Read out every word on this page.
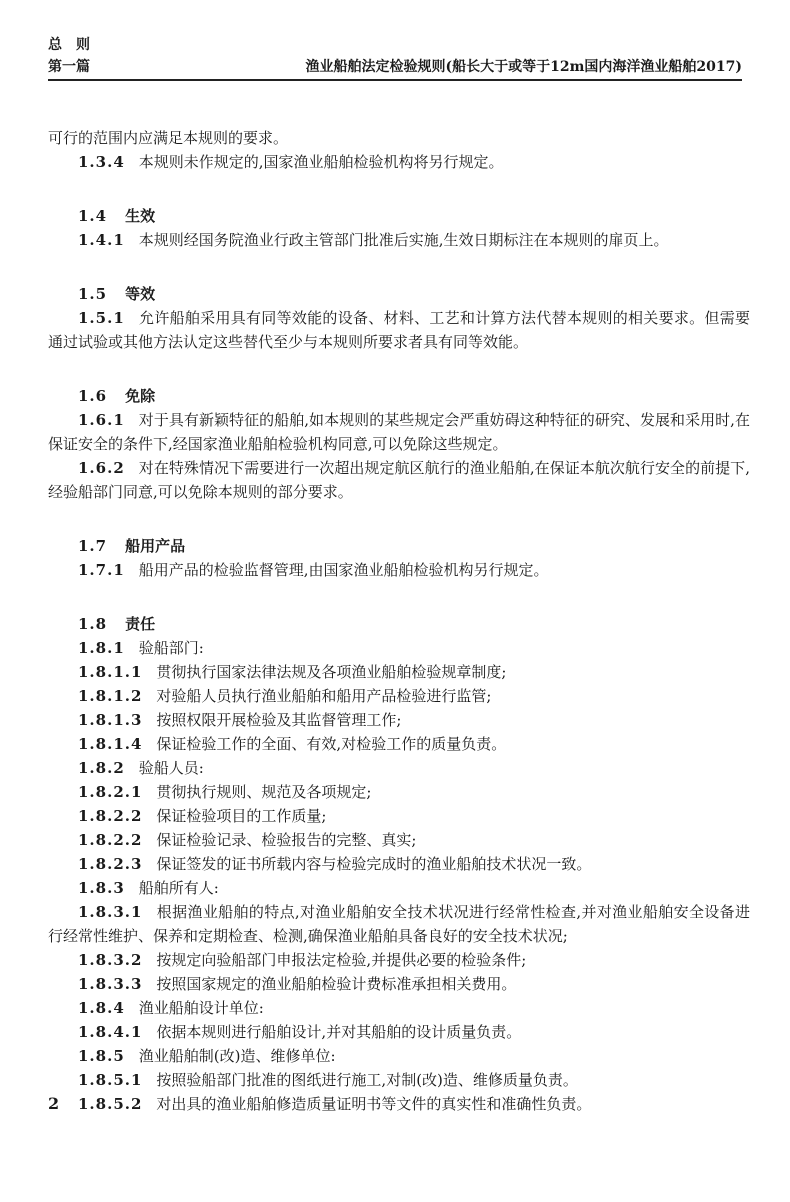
总　则
第一篇	渔业船舶法定检验规则(船长大于或等于12m国内海洋渔业船舶2017)

可行的范围内应满足本规则的要求。

1.3.4 本规则未作规定的,国家渔业船舶检验机构将另行规定。

1.4 生效

1.4.1 本规则经国务院渔业行政主管部门批准后实施,生效日期标注在本规则的扉页上。

1.5 等效

1.5.1 允许船舶采用具有同等效能的设备、材料、工艺和计算方法代替本规则的相关要求。但需要通过试验或其他方法认定这些替代至少与本规则所要求者具有同等效能。

1.6 免除

1.6.1 对于具有新颖特征的船舶,如本规则的某些规定会严重妨碍这种特征的研究、发展和采用时,在保证安全的条件下,经国家渔业船舶检验机构同意,可以免除这些规定。

1.6.2 对在特殊情况下需要进行一次超出规定航区航行的渔业船舶,在保证本航次航行安全的前提下,经验船部门同意,可以免除本规则的部分要求。

1.7 船用产品

1.7.1 船用产品的检验监督管理,由国家渔业船舶检验机构另行规定。

1.8 责任

1.8.1 验船部门:

1.8.1.1 贯彻执行国家法律法规及各项渔业船舶检验规章制度;

1.8.1.2 对验船人员执行渔业船舶和船用产品检验进行监管;

1.8.1.3 按照权限开展检验及其监督管理工作;

1.8.1.4 保证检验工作的全面、有效,对检验工作的质量负责。

1.8.2 验船人员:

1.8.2.1 贯彻执行规则、规范及各项规定;

1.8.2.2 保证检验项目的工作质量;

1.8.2.2 保证检验记录、检验报告的完整、真实;

1.8.2.3 保证签发的证书所载内容与检验完成时的渔业船舶技术状况一致。

1.8.3 船舶所有人:

1.8.3.1 根据渔业船舶的特点,对渔业船舶安全技术状况进行经常性检查,并对渔业船舶安全设备进行经常性维护、保养和定期检查、检测,确保渔业船舶具备良好的安全技术状况;

1.8.3.2 按规定向验船部门申报法定检验,并提供必要的检验条件;

1.8.3.3 按照国家规定的渔业船舶检验计费标准承担相关费用。

1.8.4 渔业船舶设计单位:

1.8.4.1 依据本规则进行船舶设计,并对其船舶的设计质量负责。

1.8.5 渔业船舶制(改)造、维修单位:

1.8.5.1 按照验船部门批准的图纸进行施工,对制(改)造、维修质量负责。

1.8.5.2 对出具的渔业船舶修造质量证明书等文件的真实性和准确性负责。

2
